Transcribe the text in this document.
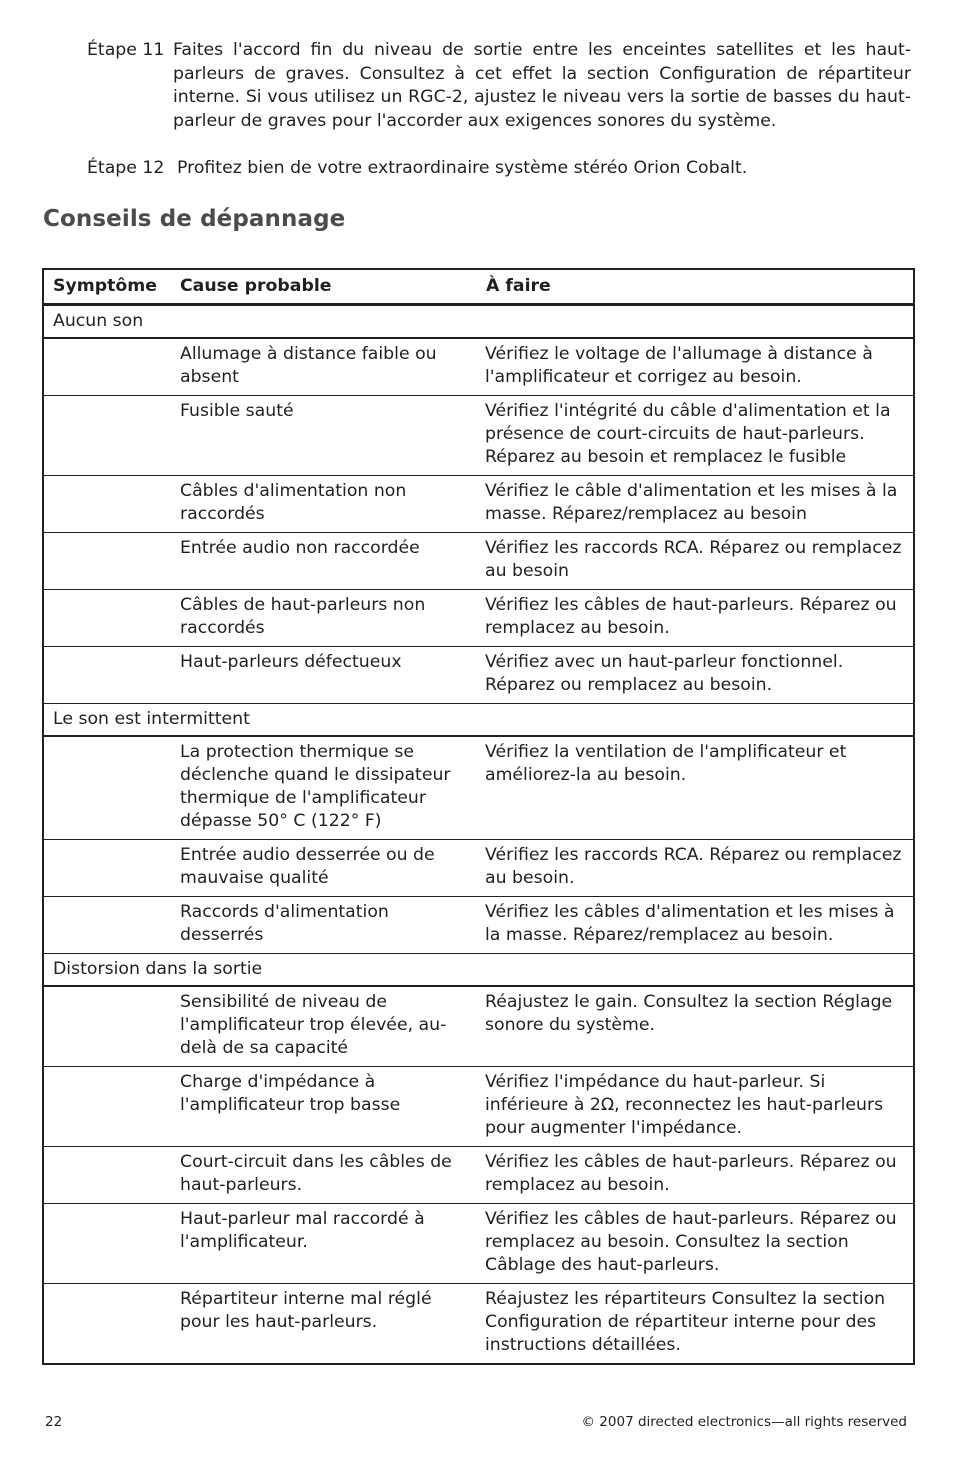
Étape 11 Faites l'accord fin du niveau de sortie entre les enceintes satellites et les haut-parleurs de graves. Consultez à cet effet la section Configuration de répartiteur interne. Si vous utilisez un RGC-2, ajustez le niveau vers la sortie de basses du haut-parleur de graves pour l'accorder aux exigences sonores du système.
Étape 12 Profitez bien de votre extraordinaire système stéréo Orion Cobalt.
Conseils de dépannage
Symptôme	Cause probable	À faire
Aucun son		
	Allumage à distance faible ou absent	Vérifiez le voltage de l'allumage à distance à l'amplificateur et corrigez au besoin.
	Fusible sauté	Vérifiez l'intégrité du câble d'alimentation et la présence de court-circuits de haut-parleurs. Réparez au besoin et remplacez le fusible
	Câbles d'alimentation non raccordés	Vérifiez le câble d'alimentation et les mises à la masse. Réparez/remplacez au besoin
	Entrée audio non raccordée	Vérifiez les raccords RCA. Réparez ou remplacez au besoin
	Câbles de haut-parleurs non raccordés	Vérifiez les câbles de haut-parleurs. Réparez ou remplacez au besoin.
	Haut-parleurs défectueux	Vérifiez avec un haut-parleur fonctionnel. Réparez ou remplacez au besoin.
Le son est intermittent		
	La protection thermique se déclenche quand le dissipateur thermique de l'amplificateur dépasse 50° C (122° F)	Vérifiez la ventilation de l'amplificateur et améliorez-la au besoin.
	Entrée audio desserrée ou de mauvaise qualité	Vérifiez les raccords RCA. Réparez ou remplacez au besoin.
	Raccords d'alimentation desserrés	Vérifiez les câbles d'alimentation et les mises à la masse. Réparez/remplacez au besoin.
Distorsion dans la sortie		
	Sensibilité de niveau de l'amplificateur trop élevée, au-delà de sa capacité	Réajustez le gain. Consultez la section Réglage sonore du système.
	Charge d'impédance à l'amplificateur trop basse	Vérifiez l'impédance du haut-parleur. Si inférieure à 2Ω, reconnectez les haut-parleurs pour augmenter l'impédance.
	Court-circuit dans les câbles de haut-parleurs.	Vérifiez les câbles de haut-parleurs. Réparez ou remplacez au besoin.
	Haut-parleur mal raccordé à l'amplificateur.	Vérifiez les câbles de haut-parleurs. Réparez ou remplacez au besoin. Consultez la section Câblage des haut-parleurs.
	Répartiteur interne mal réglé pour les haut-parleurs.	Réajustez les répartiteurs Consultez la section Configuration de répartiteur interne pour des instructions détaillées.
22	© 2007 directed electronics—all rights reserved
